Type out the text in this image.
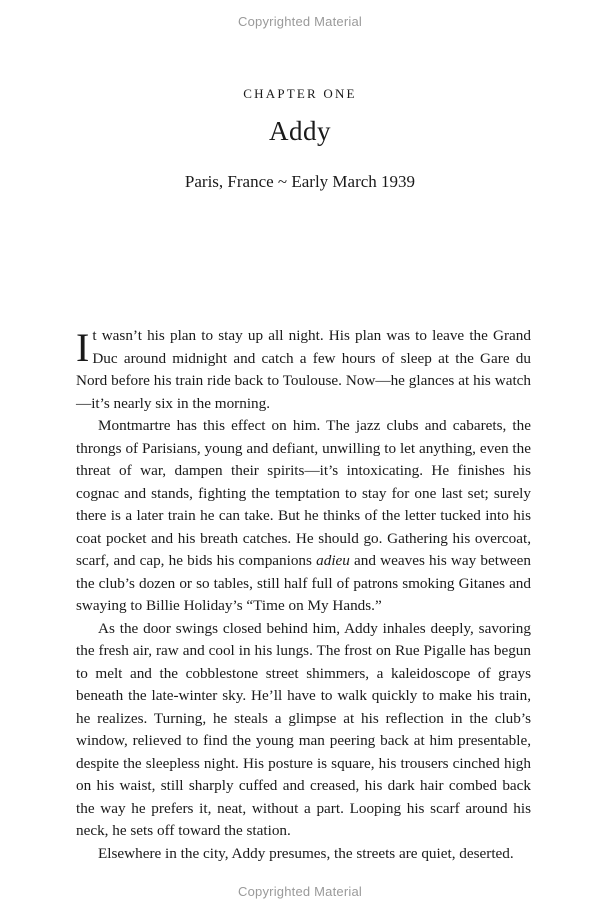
Copyrighted Material
CHAPTER ONE
Addy
Paris, France ~ Early March 1939

It wasn’t his plan to stay up all night. His plan was to leave the Grand Duc around midnight and catch a few hours of sleep at the Gare du Nord before his train ride back to Toulouse. Now—he glances at his watch—it’s nearly six in the morning.

Montmartre has this effect on him. The jazz clubs and cabarets, the throngs of Parisians, young and defiant, unwilling to let anything, even the threat of war, dampen their spirits—it’s intoxicating. He finishes his cognac and stands, fighting the temptation to stay for one last set; surely there is a later train he can take. But he thinks of the letter tucked into his coat pocket and his breath catches. He should go. Gathering his overcoat, scarf, and cap, he bids his companions adieu and weaves his way between the club’s dozen or so tables, still half full of patrons smoking Gitanes and swaying to Billie Holiday’s “Time on My Hands.”

As the door swings closed behind him, Addy inhales deeply, savoring the fresh air, raw and cool in his lungs. The frost on Rue Pigalle has begun to melt and the cobblestone street shimmers, a kaleidoscope of grays beneath the late-winter sky. He’ll have to walk quickly to make his train, he realizes. Turning, he steals a glimpse at his reflection in the club’s window, relieved to find the young man peering back at him presentable, despite the sleepless night. His posture is square, his trousers cinched high on his waist, still sharply cuffed and creased, his dark hair combed back the way he prefers it, neat, without a part. Looping his scarf around his neck, he sets off toward the station.

Elsewhere in the city, Addy presumes, the streets are quiet, deserted.

Copyrighted Material
